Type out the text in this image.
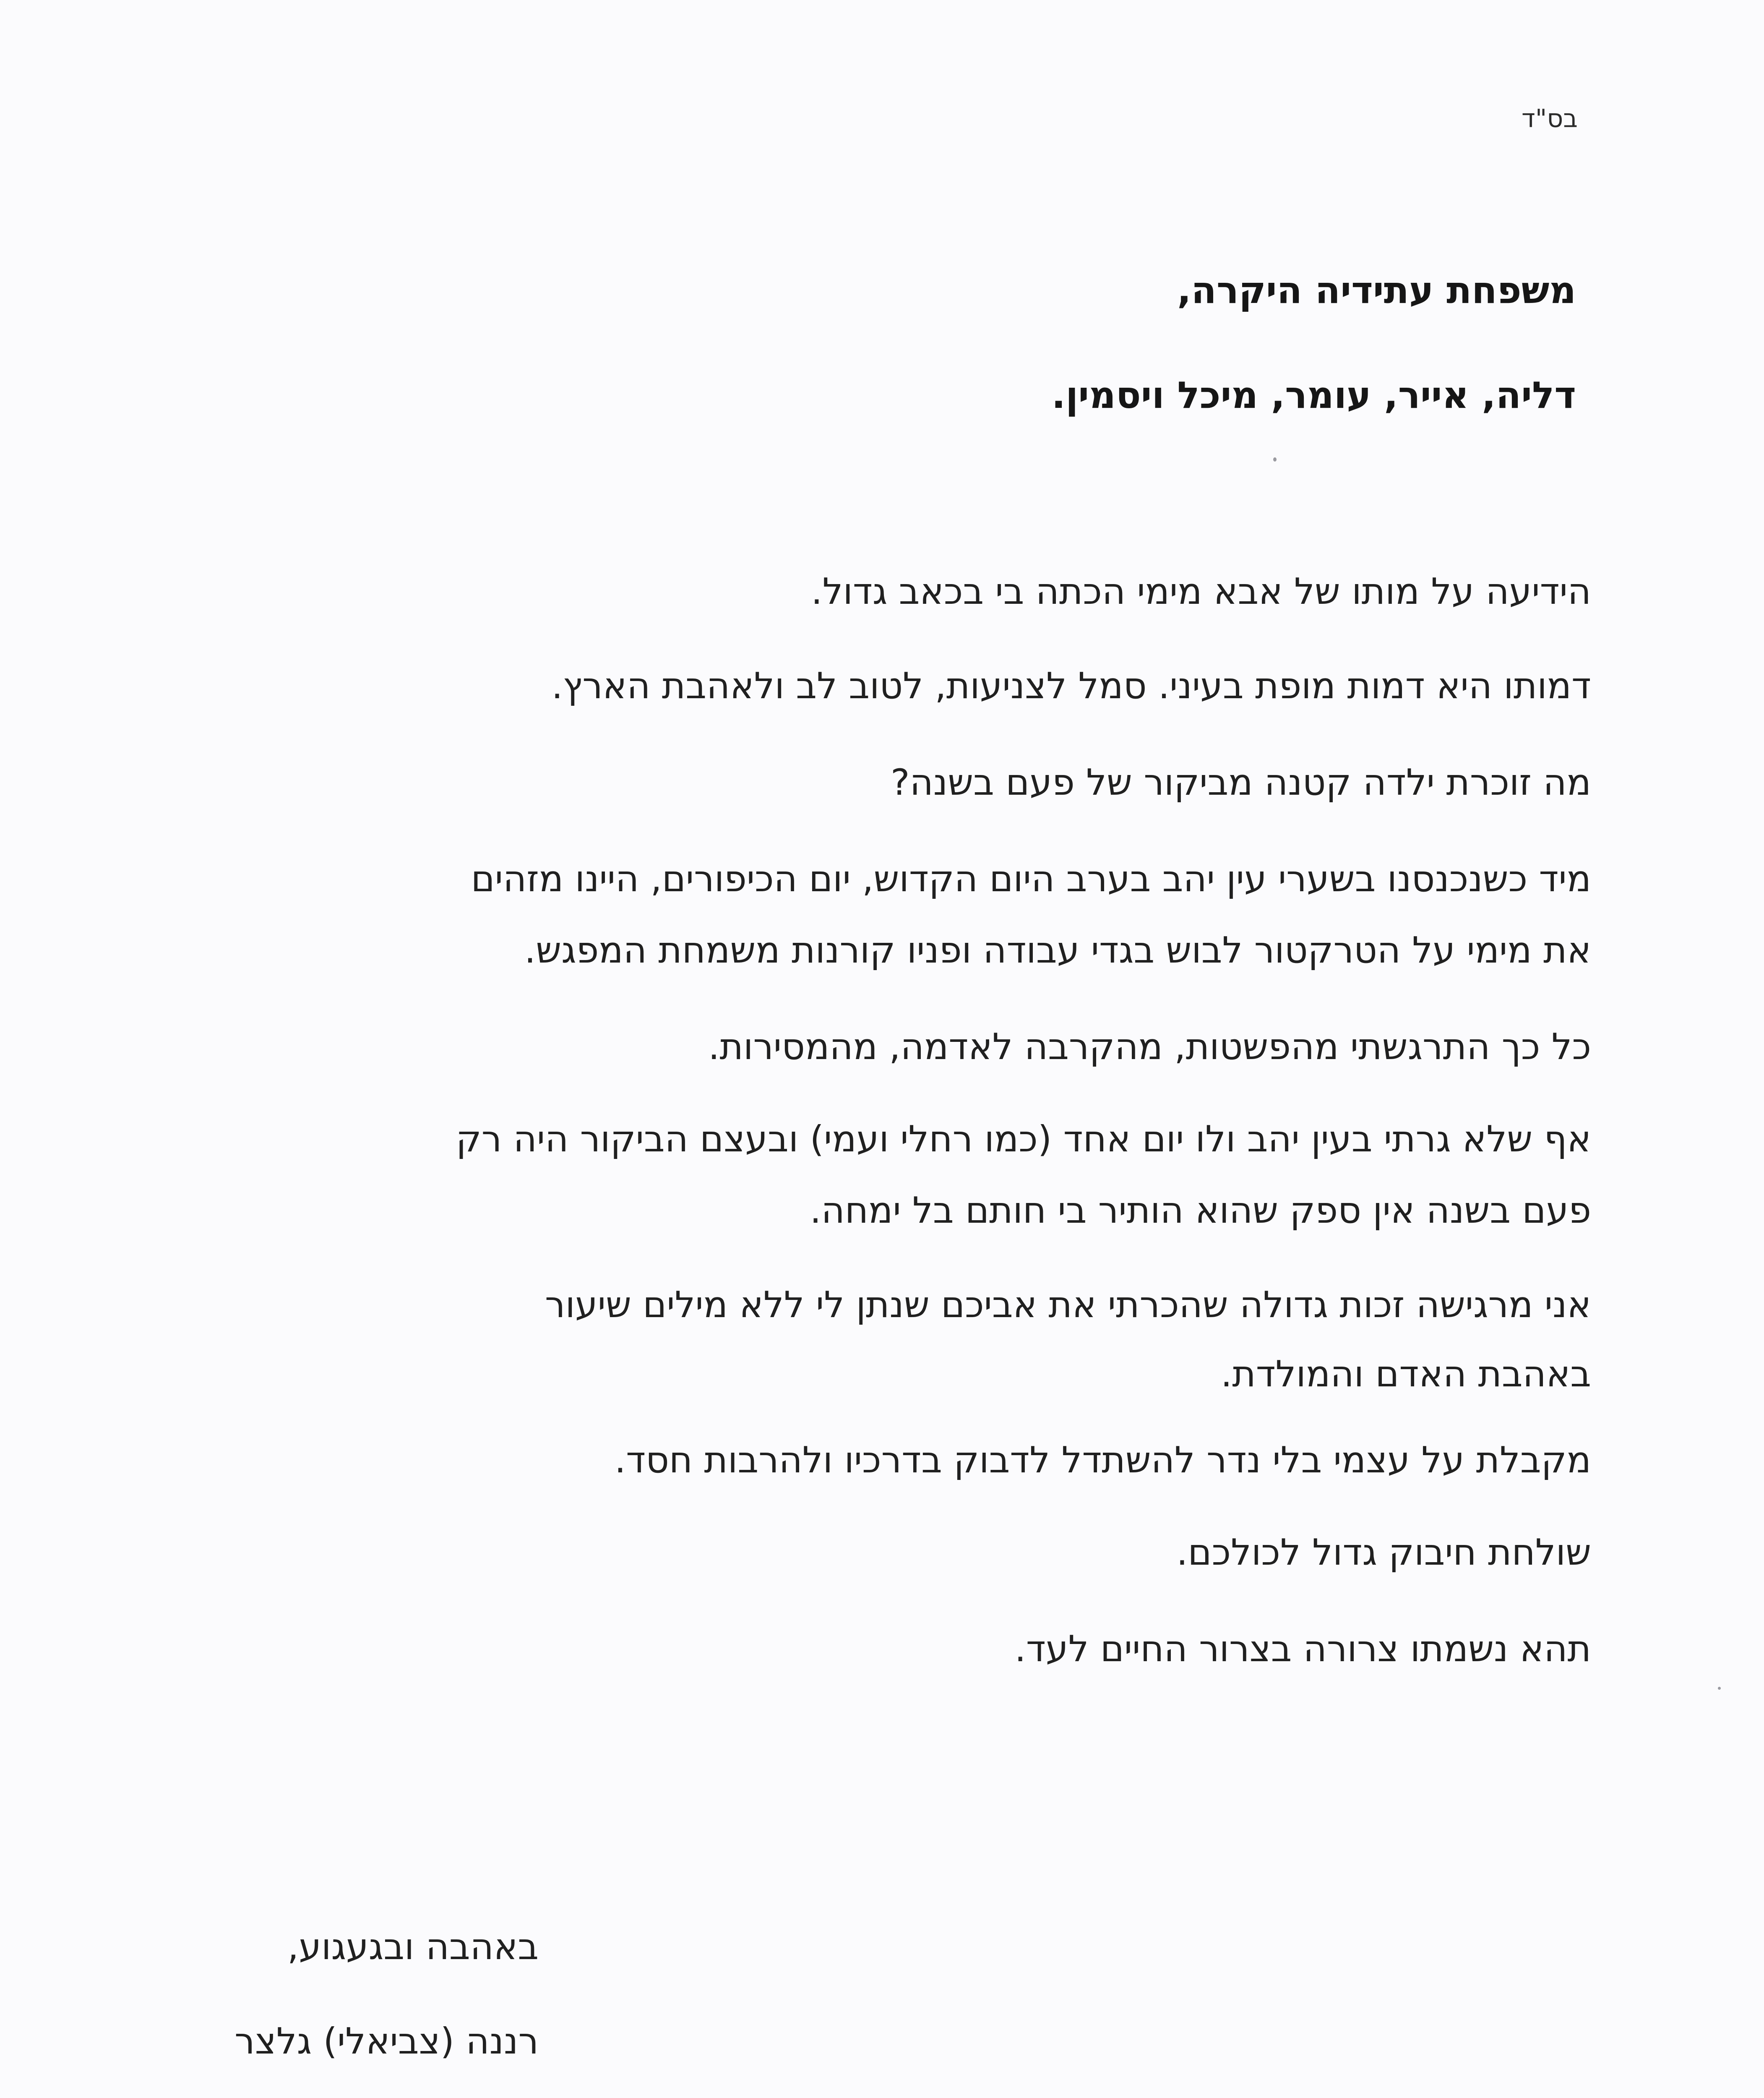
בס"ד
משפחת עתידיה היקרה,
דליה, אייר, עומר, מיכל ויסמין.
הידיעה על מותו של אבא מימי הכתה בי בכאב גדול.
דמותו היא דמות מופת בעיני. סמל לצניעות, לטוב לב ולאהבת הארץ.
מה זוכרת ילדה קטנה מביקור של פעם בשנה?
מיד כשנכנסנו בשערי עין יהב בערב היום הקדוש, יום הכיפורים, היינו מזהים
את מימי על הטרקטור לבוש בגדי עבודה ופניו קורנות משמחת המפגש.
כל כך התרגשתי מהפשטות, מהקרבה לאדמה, מהמסירות.
אף שלא גרתי בעין יהב ולו יום אחד (כמו רחלי ועמי) ובעצם הביקור היה רק
פעם בשנה אין ספק שהוא הותיר בי חותם בל ימחה.
אני מרגישה זכות גדולה שהכרתי את אביכם שנתן לי ללא מילים שיעור
באהבת האדם והמולדת.
מקבלת על עצמי בלי נדר להשתדל לדבוק בדרכיו ולהרבות חסד.
שולחת חיבוק גדול לכולכם.
תהא נשמתו צרורה בצרור החיים לעד.
באהבה ובגעגוע,
רננה (צביאלי) גלצר
